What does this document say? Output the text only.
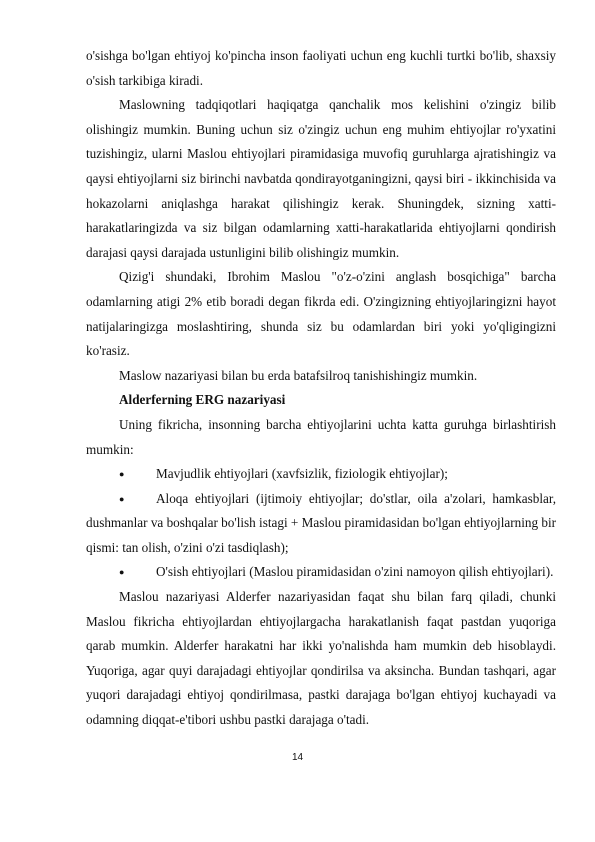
o'sishga bo'lgan ehtiyoj ko'pincha inson faoliyati uchun eng kuchli turtki bo'lib, shaxsiy o'sish tarkibiga kiradi.

Maslowning tadqiqotlari haqiqatga qanchalik mos kelishini o'zingiz bilib olishingiz mumkin. Buning uchun siz o'zingiz uchun eng muhim ehtiyojlar ro'yxatini tuzishingiz, ularni Maslou ehtiyojlari piramidasiga muvofiq guruhlarga ajratishingiz va qaysi ehtiyojlarni siz birinchi navbatda qondirayotganingizni, qaysi biri - ikkinchisida va hokazolarni aniqlashga harakat qilishingiz kerak. Shuningdek, sizning xatti-harakatlaringizda va siz bilgan odamlarning xatti-harakatlarida ehtiyojlarni qondirish darajasi qaysi darajada ustunligini bilib olishingiz mumkin.

Qizig'i shundaki, Ibrohim Maslou "o'z-o'zini anglash bosqichiga" barcha odamlarning atigi 2% etib boradi degan fikrda edi. O'zingizning ehtiyojlaringizni hayot natijalaringizga moslashtiring, shunda siz bu odamlardan biri yoki yo'qligingizni ko'rasiz.

Maslow nazariyasi bilan bu erda batafsilroq tanishishingiz mumkin.

Alderferning ERG nazariyasi

Uning fikricha, insonning barcha ehtiyojlarini uchta katta guruhga birlashtirish mumkin:

● Mavjudlik ehtiyojlari (xavfsizlik, fiziologik ehtiyojlar);

● Aloqa ehtiyojlari (ijtimoiy ehtiyojlar; do'stlar, oila a'zolari, hamkasblar, dushmanlar va boshqalar bo'lish istagi + Maslou piramidasidan bo'lgan ehtiyojlarning bir qismi: tan olish, o'zini o'zi tasdiqlash);

● O'sish ehtiyojlari (Maslou piramidasidan o'zini namoyon qilish ehtiyojlari).

Maslou nazariyasi Alderfer nazariyasidan faqat shu bilan farq qiladi, chunki Maslou fikricha ehtiyojlardan ehtiyojlargacha harakatlanish faqat pastdan yuqoriga qarab mumkin. Alderfer harakatni har ikki yo'nalishda ham mumkin deb hisoblaydi. Yuqoriga, agar quyi darajadagi ehtiyojlar qondirilsa va aksincha. Bundan tashqari, agar yuqori darajadagi ehtiyoj qondirilmasa, pastki darajaga bo'lgan ehtiyoj kuchayadi va odamning diqqat-e'tibori ushbu pastki darajaga o'tadi.

14
